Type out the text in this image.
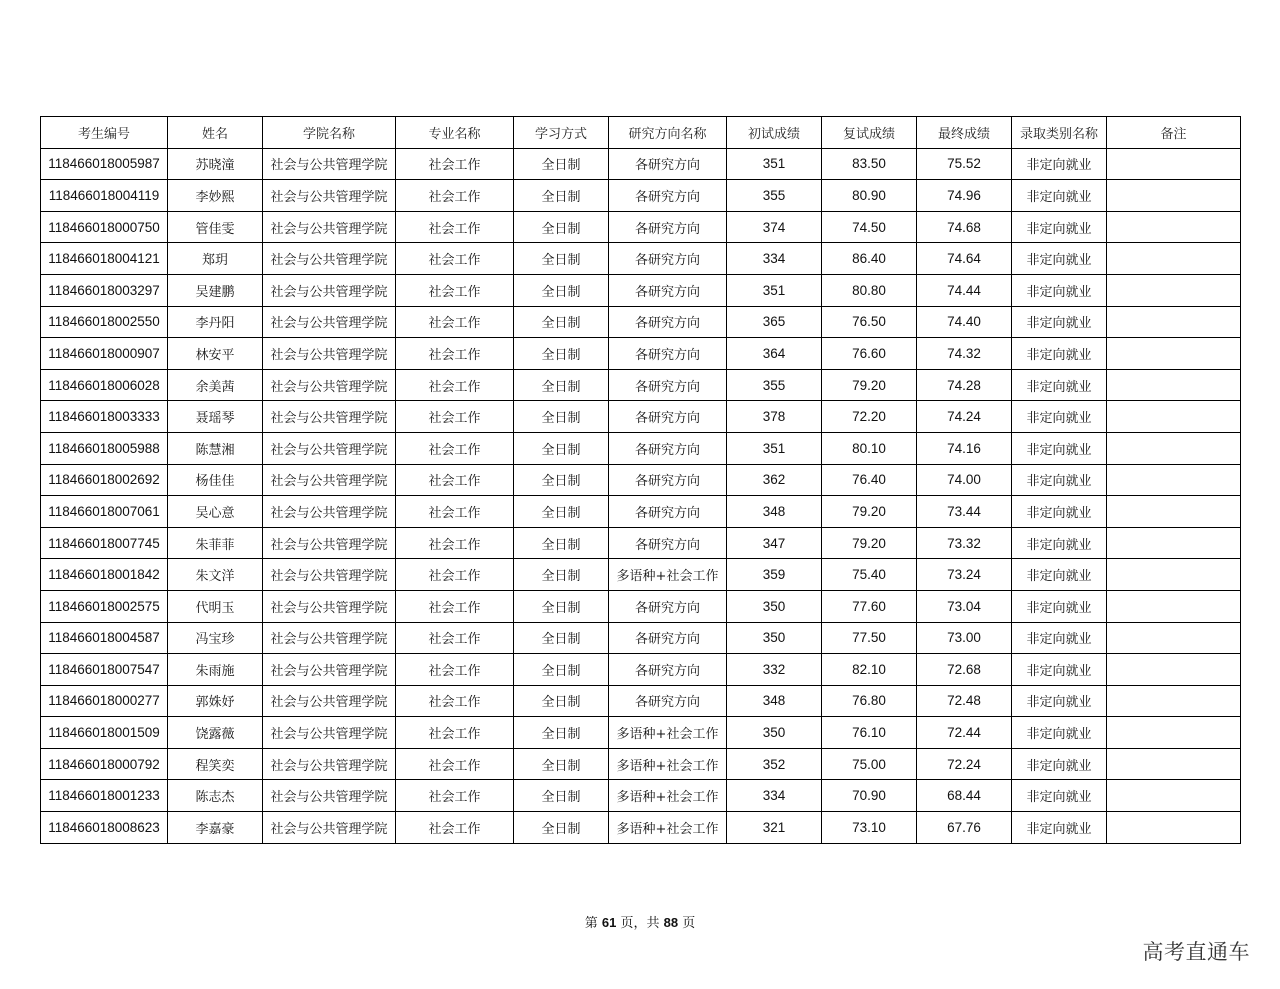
考生编号	姓名	学院名称	专业名称	学习方式	研究方向名称	初试成绩	复试成绩	最终成绩	录取类别名称	备注
118466018005987	苏晓潼	社会与公共管理学院	社会工作	全日制	各研究方向	351	83.50	75.52	非定向就业	
118466018004119	李妙熙	社会与公共管理学院	社会工作	全日制	各研究方向	355	80.90	74.96	非定向就业	
118466018000750	管佳雯	社会与公共管理学院	社会工作	全日制	各研究方向	374	74.50	74.68	非定向就业	
118466018004121	郑玥	社会与公共管理学院	社会工作	全日制	各研究方向	334	86.40	74.64	非定向就业	
118466018003297	吴建鹏	社会与公共管理学院	社会工作	全日制	各研究方向	351	80.80	74.44	非定向就业	
118466018002550	李丹阳	社会与公共管理学院	社会工作	全日制	各研究方向	365	76.50	74.40	非定向就业	
118466018000907	林安平	社会与公共管理学院	社会工作	全日制	各研究方向	364	76.60	74.32	非定向就业	
118466018006028	余美茜	社会与公共管理学院	社会工作	全日制	各研究方向	355	79.20	74.28	非定向就业	
118466018003333	聂瑶琴	社会与公共管理学院	社会工作	全日制	各研究方向	378	72.20	74.24	非定向就业	
118466018005988	陈慧湘	社会与公共管理学院	社会工作	全日制	各研究方向	351	80.10	74.16	非定向就业	
118466018002692	杨佳佳	社会与公共管理学院	社会工作	全日制	各研究方向	362	76.40	74.00	非定向就业	
118466018007061	吴心意	社会与公共管理学院	社会工作	全日制	各研究方向	348	79.20	73.44	非定向就业	
118466018007745	朱菲菲	社会与公共管理学院	社会工作	全日制	各研究方向	347	79.20	73.32	非定向就业	
118466018001842	朱文洋	社会与公共管理学院	社会工作	全日制	多语种+社会工作	359	75.40	73.24	非定向就业	
118466018002575	代明玉	社会与公共管理学院	社会工作	全日制	各研究方向	350	77.60	73.04	非定向就业	
118466018004587	冯宝珍	社会与公共管理学院	社会工作	全日制	各研究方向	350	77.50	73.00	非定向就业	
118466018007547	朱雨施	社会与公共管理学院	社会工作	全日制	各研究方向	332	82.10	72.68	非定向就业	
118466018000277	郭姝妤	社会与公共管理学院	社会工作	全日制	各研究方向	348	76.80	72.48	非定向就业	
118466018001509	饶露薇	社会与公共管理学院	社会工作	全日制	多语种+社会工作	350	76.10	72.44	非定向就业	
118466018000792	程笑奕	社会与公共管理学院	社会工作	全日制	多语种+社会工作	352	75.00	72.24	非定向就业	
118466018001233	陈志杰	社会与公共管理学院	社会工作	全日制	多语种+社会工作	334	70.90	68.44	非定向就业	
118466018008623	李嘉豪	社会与公共管理学院	社会工作	全日制	多语种+社会工作	321	73.10	67.76	非定向就业	
第 61 页，共 88 页
高考直通车
